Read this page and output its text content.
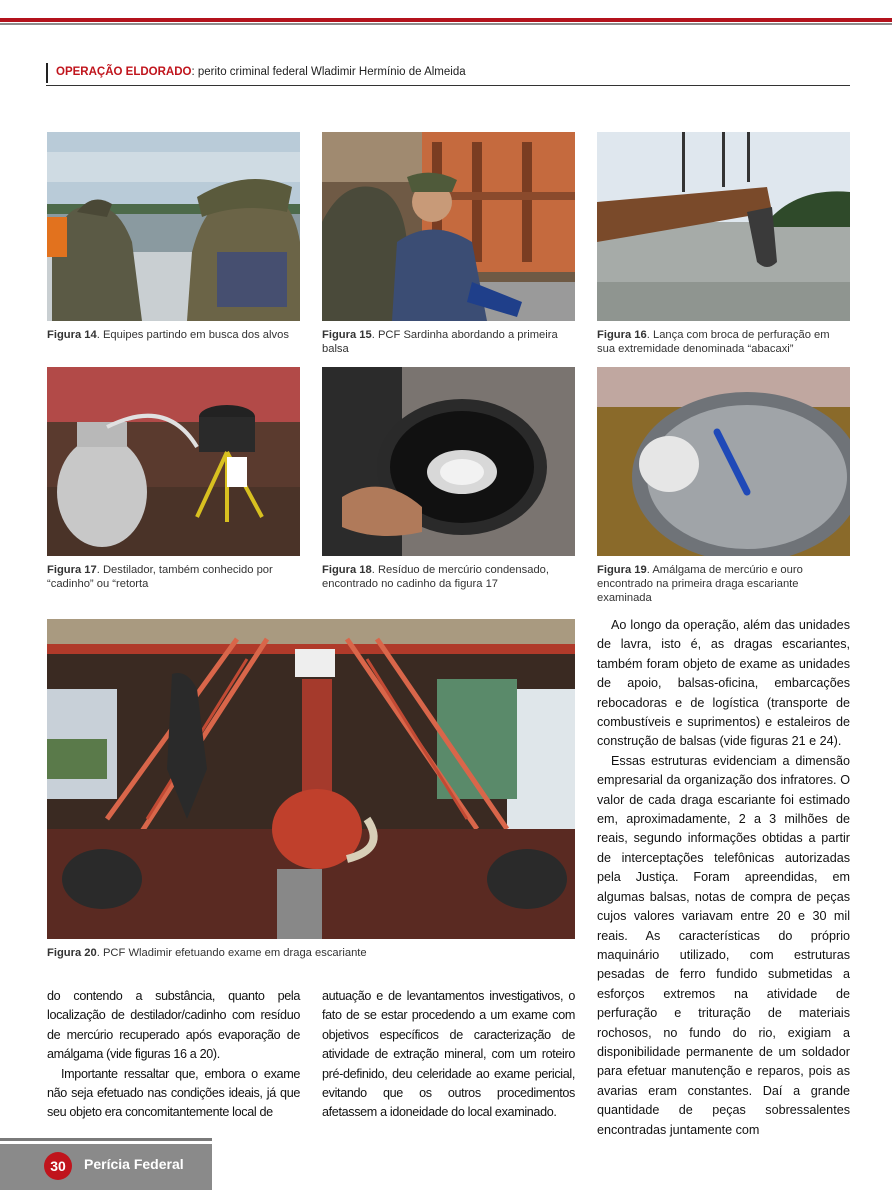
OPERAÇÃO ELDORADO: perito criminal federal Wladimir Hermínio de Almeida
Figura 14. Equipes partindo em busca dos alvos	Figura 15. PCF Sardinha abordando a primeira balsa
Figura 16. Lança com broca de perfuração em sua extremidade denominada “abacaxi”
Figura 17. Destilador, também conhecido por “cadinho” ou “retorta
Figura 18. Resíduo de mercúrio condensado, encontrado no cadinho da figura 17
Figura 19. Amálgama de mercúrio e ouro encontrado na primeira draga escariante examinada
Figura 20. PCF Wladimir efetuando exame em draga escariante

do contendo a substância, quanto pela localização de destilador/cadinho com resíduo de mercúrio recuperado após evaporação de amálgama (vide figuras 16 a 20).

Importante ressaltar que, embora o exame não seja efetuado nas condições ideais, já que seu objeto era concomitantemente local de

autuação e de levantamentos investigativos, o fato de se estar procedendo a um exame com objetivos específicos de caracterização de atividade de extração mineral, com um roteiro pré-definido, deu celeridade ao exame pericial, evitando que os outros procedimentos afetassem a idoneidade do local examinado.

Ao longo da operação, além das unidades de lavra, isto é, as dragas escariantes, também foram objeto de exame as unidades de apoio, balsas-oficina, embarcações rebocadoras e de logística (transporte de combustíveis e suprimentos) e estaleiros de construção de balsas (vide figuras 21 e 24).

Essas estruturas evidenciam a dimensão empresarial da organização dos infratores. O valor de cada draga escariante foi estimado em, aproximadamente, 2 a 3 milhões de reais, segundo informações obtidas a partir de interceptações telefônicas autorizadas pela Justiça. Foram apreendidas, em algumas balsas, notas de compra de peças cujos valores variavam entre 20 e 30 mil reais. As características do próprio maquinário utilizado, com estruturas pesadas de ferro fundido submetidas a esforços extremos na atividade de perfuração e trituração de materiais rochosos, no fundo do rio, exigiam a disponibilidade permanente de um soldador para efetuar manutenção e reparos, pois as avarias eram constantes. Daí a grande quantidade de peças sobressalentes encontradas juntamente com

30	Perícia Federal
